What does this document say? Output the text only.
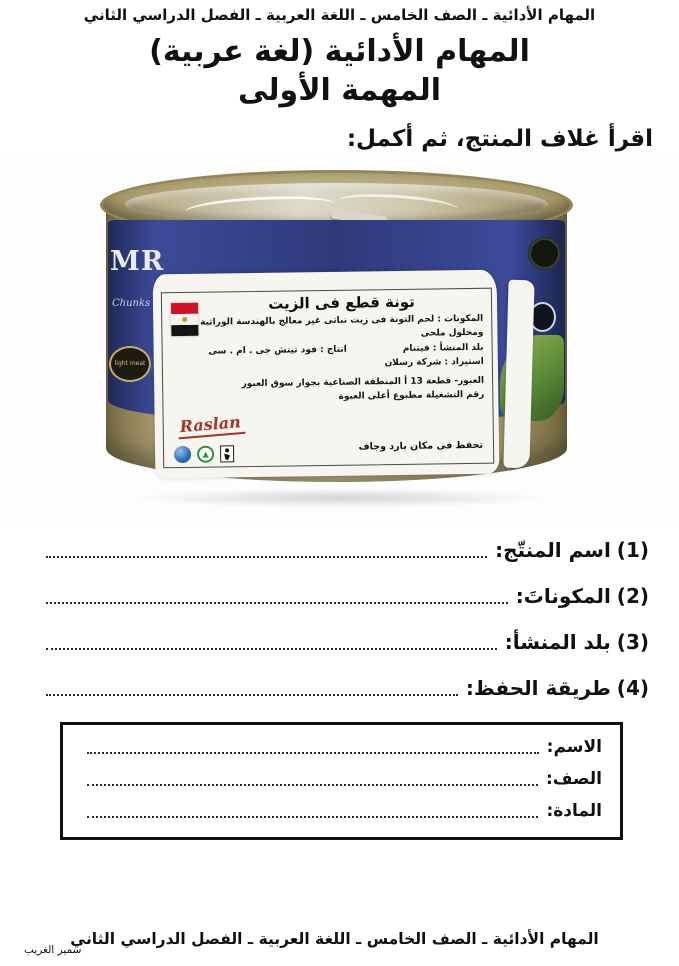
المهام الأدائية ـ الصف الخامس ـ اللغة العربية ـ الفصل الدراسي الثاني
المهام الأدائية (لغة عربية)
المهمة الأولى
اقرأ غلاف المنتج، ثم أكمل:
MR
Chunks
light meat
تونة قطع فى الزيت
المكونات : لحم التونة فى زيت نباتى غير معالج بالهندسة الوراثية ومحلول ملحى
بلد المنشأ : فيتنام
انتاج : فود تيتش جى . ام . سى
استيراد : شركة رسلان
العبور- قطعة 13 أ المنطقة الصناعية بجوار سوق العبور
رقم التشغيلة مطبوع أعلى العبوة
Raslan
▲
تحفظ فى مكان بارد وجاف
(1)
اسم المنتّج:
(2)
المكوناتَ:
(3)
بلد المنشأ:
(4)
طريقة الحفظ:
الاسم:
الصف:
المادة:
المهام الأدائية ـ الصف الخامس ـ اللغة العربية ـ الفصل الدراسي الثاني
سمير الغريب
